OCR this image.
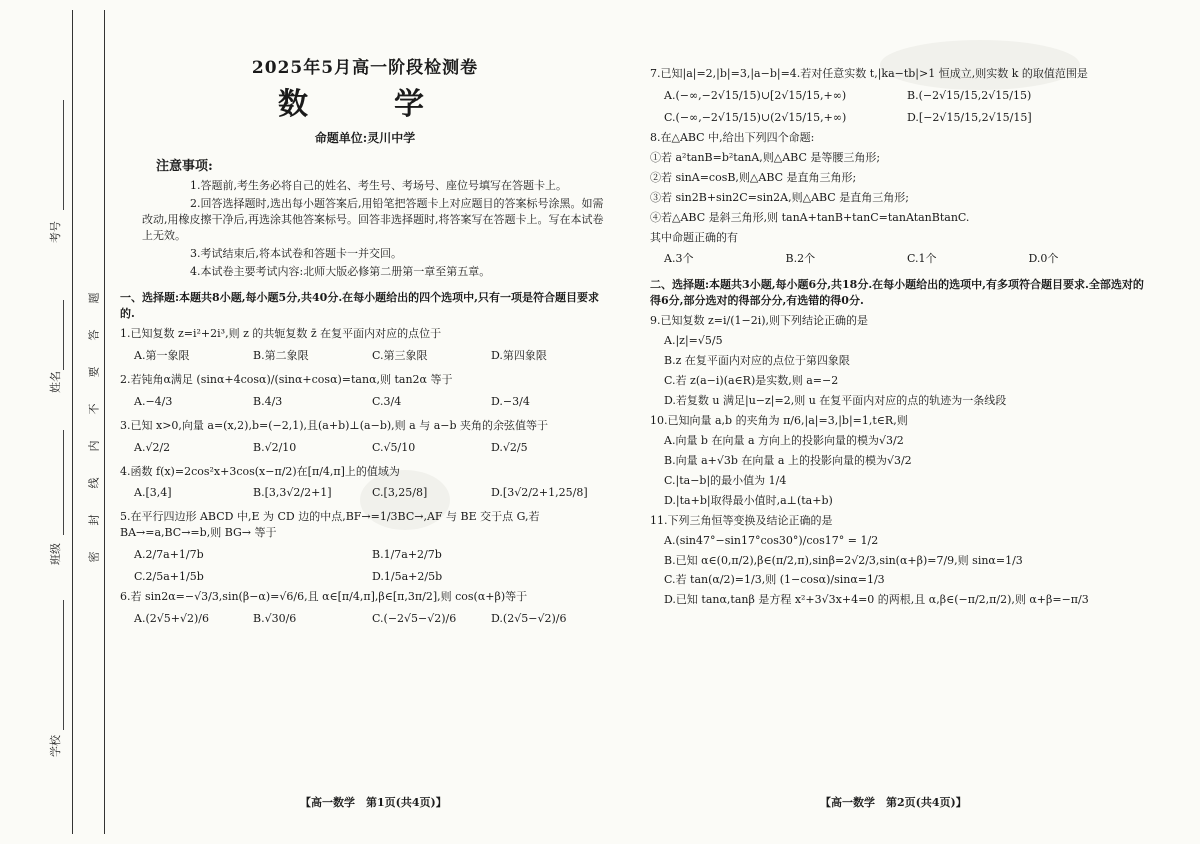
考号
姓名
班级
学校
题
答
要
不
内
线
封
密
2025年5月高一阶段检测卷
数　学
命题单位:灵川中学
注意事项:

1.答题前,考生务必将自己的姓名、考生号、考场号、座位号填写在答题卡上。

2.回答选择题时,选出每小题答案后,用铅笔把答题卡上对应题目的答案标号涂黑。如需改动,用橡皮擦干净后,再选涂其他答案标号。回答非选择题时,将答案写在答题卡上。写在本试卷上无效。

3.考试结束后,将本试卷和答题卡一并交回。

4.本试卷主要考试内容:北师大版必修第二册第一章至第五章。

一、选择题:本题共8小题,每小题5分,共40分.在每小题给出的四个选项中,只有一项是符合题目要求的.
1.已知复数 z=i²+2i³,则 z 的共轭复数 z̄ 在复平面内对应的点位于
A.第一象限	B.第二象限	C.第三象限	D.第四象限
2.若钝角α满足 (sinα+4cosα)/(sinα+cosα)=tanα,则 tan2α 等于
A.−4/3	B.4/3	C.3/4	D.−3/4
3.已知 x>0,向量 a=(x,2),b=(−2,1),且(a+b)⊥(a−b),则 a 与 a−b 夹角的余弦值等于
A.√2/2	B.√2/10	C.√5/10	D.√2/5
4.函数 f(x)=2cos²x+3cos(x−π/2)在[π/4,π]上的值域为
A.[3,4]	B.[3,3√2/2+1]	C.[3,25/8]	D.[3√2/2+1,25/8]
5.在平行四边形 ABCD 中,E 为 CD 边的中点,BF→=1/3BC→,AF 与 BE 交于点 G,若 BA→=a,BC→=b,则 BG→ 等于
A.2/7a+1/7b	B.1/7a+2/7b
C.2/5a+1/5b	D.1/5a+2/5b
6.若 sin2α=−√3/3,sin(β−α)=√6/6,且 α∈[π/4,π],β∈[π,3π/2],则 cos(α+β)等于
A.(2√5+√2)/6	B.√30/6	C.(−2√5−√2)/6	D.(2√5−√2)/6
【高一数学　第1页(共4页)】
7.已知|a|=2,|b|=3,|a−b|=4.若对任意实数 t,|ka−tb|>1 恒成立,则实数 k 的取值范围是
A.(−∞,−2√15/15)∪[2√15/15,+∞)	B.(−2√15/15,2√15/15)
C.(−∞,−2√15/15)∪(2√15/15,+∞)	D.[−2√15/15,2√15/15]
8.在△ABC 中,给出下列四个命题:
①若 a²tanB=b²tanA,则△ABC 是等腰三角形;
②若 sinA=cosB,则△ABC 是直角三角形;
③若 sin2B+sin2C=sin2A,则△ABC 是直角三角形;
④若△ABC 是斜三角形,则 tanA+tanB+tanC=tanAtanBtanC.
其中命题正确的有
A.3个	B.2个	C.1个	D.0个
二、选择题:本题共3小题,每小题6分,共18分.在每小题给出的选项中,有多项符合题目要求.全部选对的得6分,部分选对的得部分分,有选错的得0分.
9.已知复数 z=i/(1−2i),则下列结论正确的是
A.|z|=√5/5
B.z 在复平面内对应的点位于第四象限
C.若 z(a−i)(a∈R)是实数,则 a=−2
D.若复数 u 满足|u−z|=2,则 u 在复平面内对应的点的轨迹为一条线段
10.已知向量 a,b 的夹角为 π/6,|a|=3,|b|=1,t∈R,则
A.向量 b 在向量 a 方向上的投影向量的模为√3/2
B.向量 a+√3b 在向量 a 上的投影向量的模为√3/2
C.|ta−b|的最小值为 1/4
D.|ta+b|取得最小值时,a⊥(ta+b)
11.下列三角恒等变换及结论正确的是
A.(sin47°−sin17°cos30°)/cos17° = 1/2
B.已知 α∈(0,π/2),β∈(π/2,π),sinβ=2√2/3,sin(α+β)=7/9,则 sinα=1/3
C.若 tan(α/2)=1/3,则 (1−cosα)/sinα=1/3
D.已知 tanα,tanβ 是方程 x²+3√3x+4=0 的两根,且 α,β∈(−π/2,π/2),则 α+β=−π/3
【高一数学　第2页(共4页)】
